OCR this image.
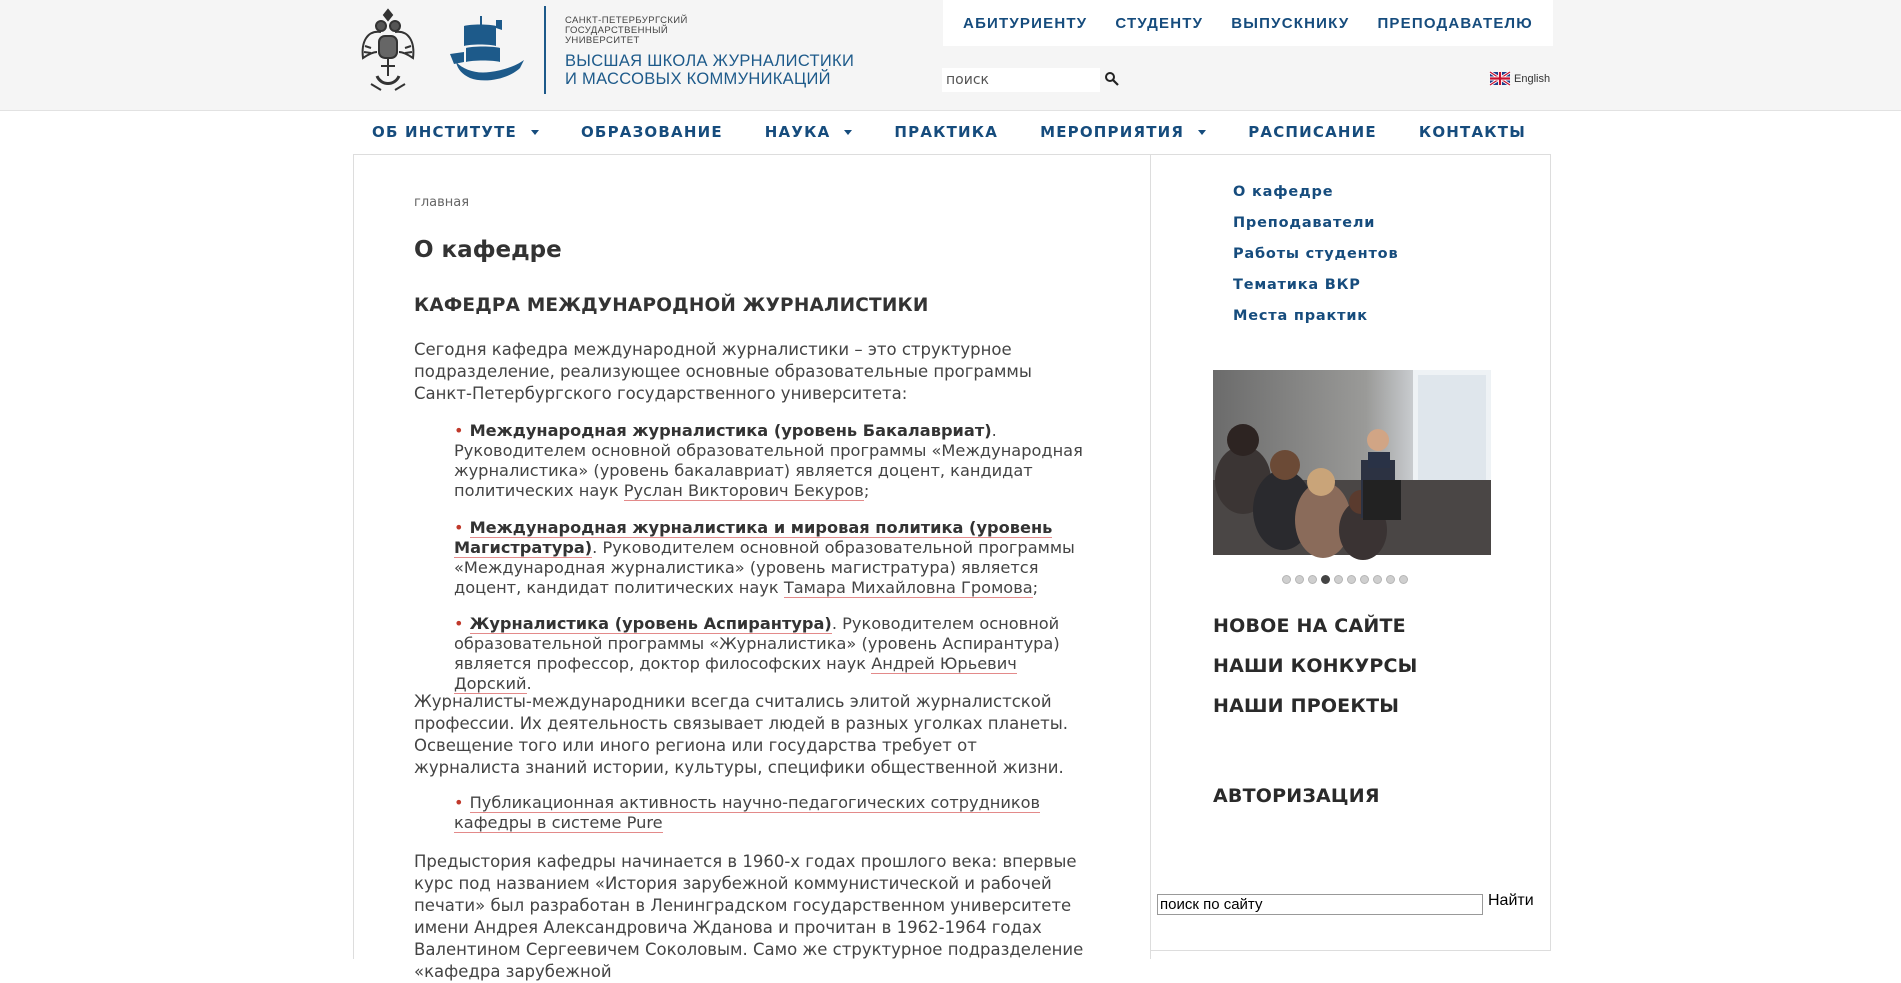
САНКТ-ПЕТЕРБУРГСКИЙ
ГОСУДАРСТВЕННЫЙ
УНИВЕРСИТЕТ
ВЫСШАЯ ШКОЛА ЖУРНАЛИСТИКИ
И МАССОВЫХ КОММУНИКАЦИЙ
АБИТУРИЕНТУ СТУДЕНТУ ВЫПУСКНИКУ ПРЕПОДАВАТЕЛЮ
поиск
English
ОБ ИНСТИТУТЕ	ОБРАЗОВАНИЕ	НАУКА	ПРАКТИКА	МЕРОПРИЯТИЯ	РАСПИСАНИЕ	КОНТАКТЫ
главная
О кафедре
КАФЕДРА МЕЖДУНАРОДНОЙ ЖУРНАЛИСТИКИ

Сегодня кафедра международной журналистики – это структурное подразделение, реализующее основные образовательные программы Санкт-Петербургского государственного университета:

• Международная журналистика (уровень Бакалавриат). Руководителем основной образовательной программы «Международная журналистика» (уровень бакалавриат) является доцент, кандидат политических наук Руслан Викторович Бекуров;
• Международная журналистика и мировая политика (уровень Магистратура). Руководителем основной образовательной программы «Международная журналистика» (уровень магистратура) является доцент, кандидат политических наук Тамара Михайловна Громова;
• Журналистика (уровень Аспирантура). Руководителем основной образовательной программы «Журналистика» (уровень Аспирантура) является профессор, доктор философских наук Андрей Юрьевич Дорский.

Журналисты-международники всегда считались элитой журналистской профессии. Их деятельность связывает людей в разных уголках планеты. Освещение того или иного региона или государства требует от журналиста знаний истории, культуры, специфики общественной жизни.

• Публикационная активность научно-педагогических сотрудников кафедры в системе Pure

Предыстория кафедры начинается в 1960-х годах прошлого века: впервые курс под названием «История зарубежной коммунистической и рабочей печати» был разработан в Ленинградском государственном университете имени Андрея Александровича Жданова и прочитан в 1962-1964 годах Валентином Сергеевичем Соколовым. Само же структурное подразделение «кафедра зарубежной

О кафедре
Преподаватели
Работы студентов
Тематика ВКР
Места практик
НОВОЕ НА САЙТЕ
НАШИ КОНКУРСЫ
НАШИ ПРОЕКТЫ
АВТОРИЗАЦИЯ
поиск по сайту
Найти
